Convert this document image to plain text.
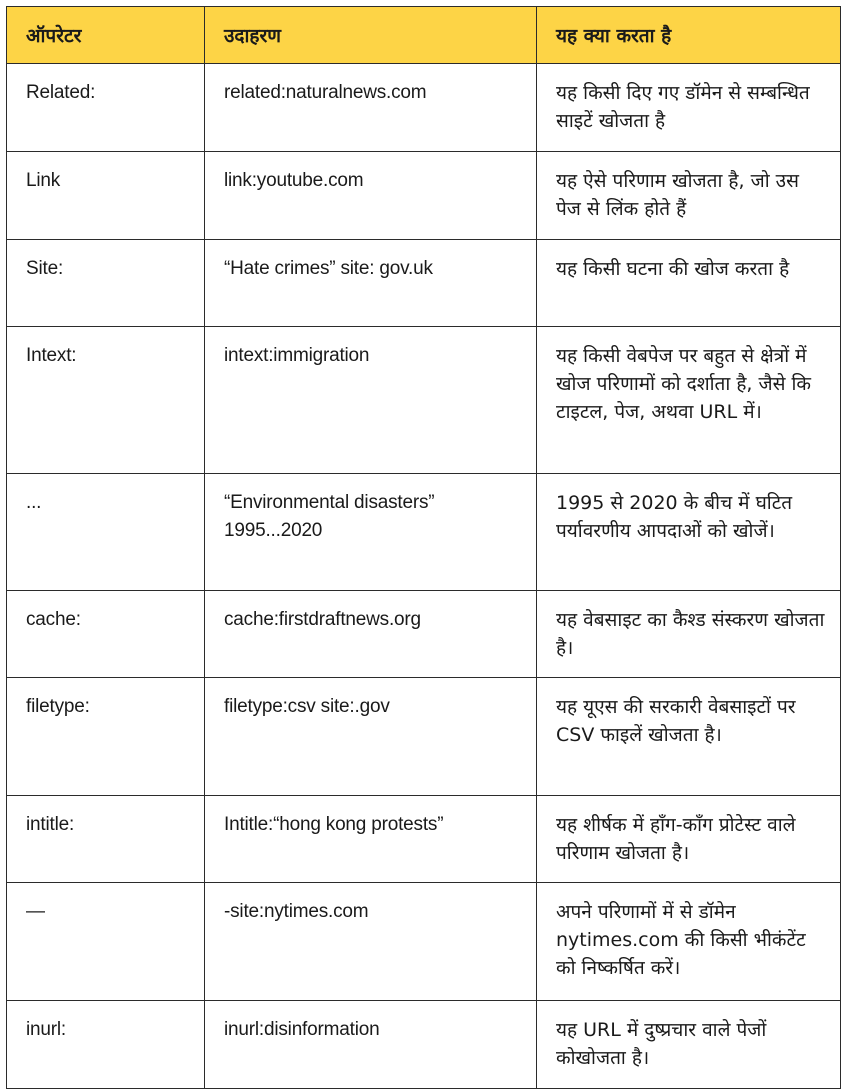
ऑपरेटर	उदाहरण	यह क्या करता है
Related:	related:naturalnews.com	यह किसी दिए गए डॉमेन से सम्बन्धित साइटें खोजता है
Link	link:youtube.com	यह ऐसे परिणाम खोजता है, जो उस पेज से लिंक होते हैं
Site:	“Hate crimes” site: gov.uk	यह किसी घटना की खोज करता है
Intext:	intext:immigration	यह किसी वेबपेज पर बहुत से क्षेत्रों में खोज परिणामों को दर्शाता है, जैसे कि टाइटल, पेज, अथवा URL में।
...	“Environmental disasters” 1995...2020	1995 से 2020 के बीच में घटित पर्यावरणीय आपदाओं को खोजें।
cache:	cache:firstdraftnews.org	यह वेबसाइट का कैश्ड संस्करण खोजता है।
filetype:	filetype:csv site:.gov	यह यूएस की सरकारी वेबसाइटों पर CSV फाइलें खोजता है।
intitle:	Intitle:“hong kong protests”	यह शीर्षक में हाँग-काँग प्रोटेस्ट वाले परिणाम खोजता है।
—	-site:nytimes.com	अपने परिणामों में से डॉमेन nytimes.com की किसी भीकंटेंट को निष्कर्षित करें।
inurl:	inurl:disinformation	यह URL में दुष्प्रचार वाले पेजों कोखोजता है।
